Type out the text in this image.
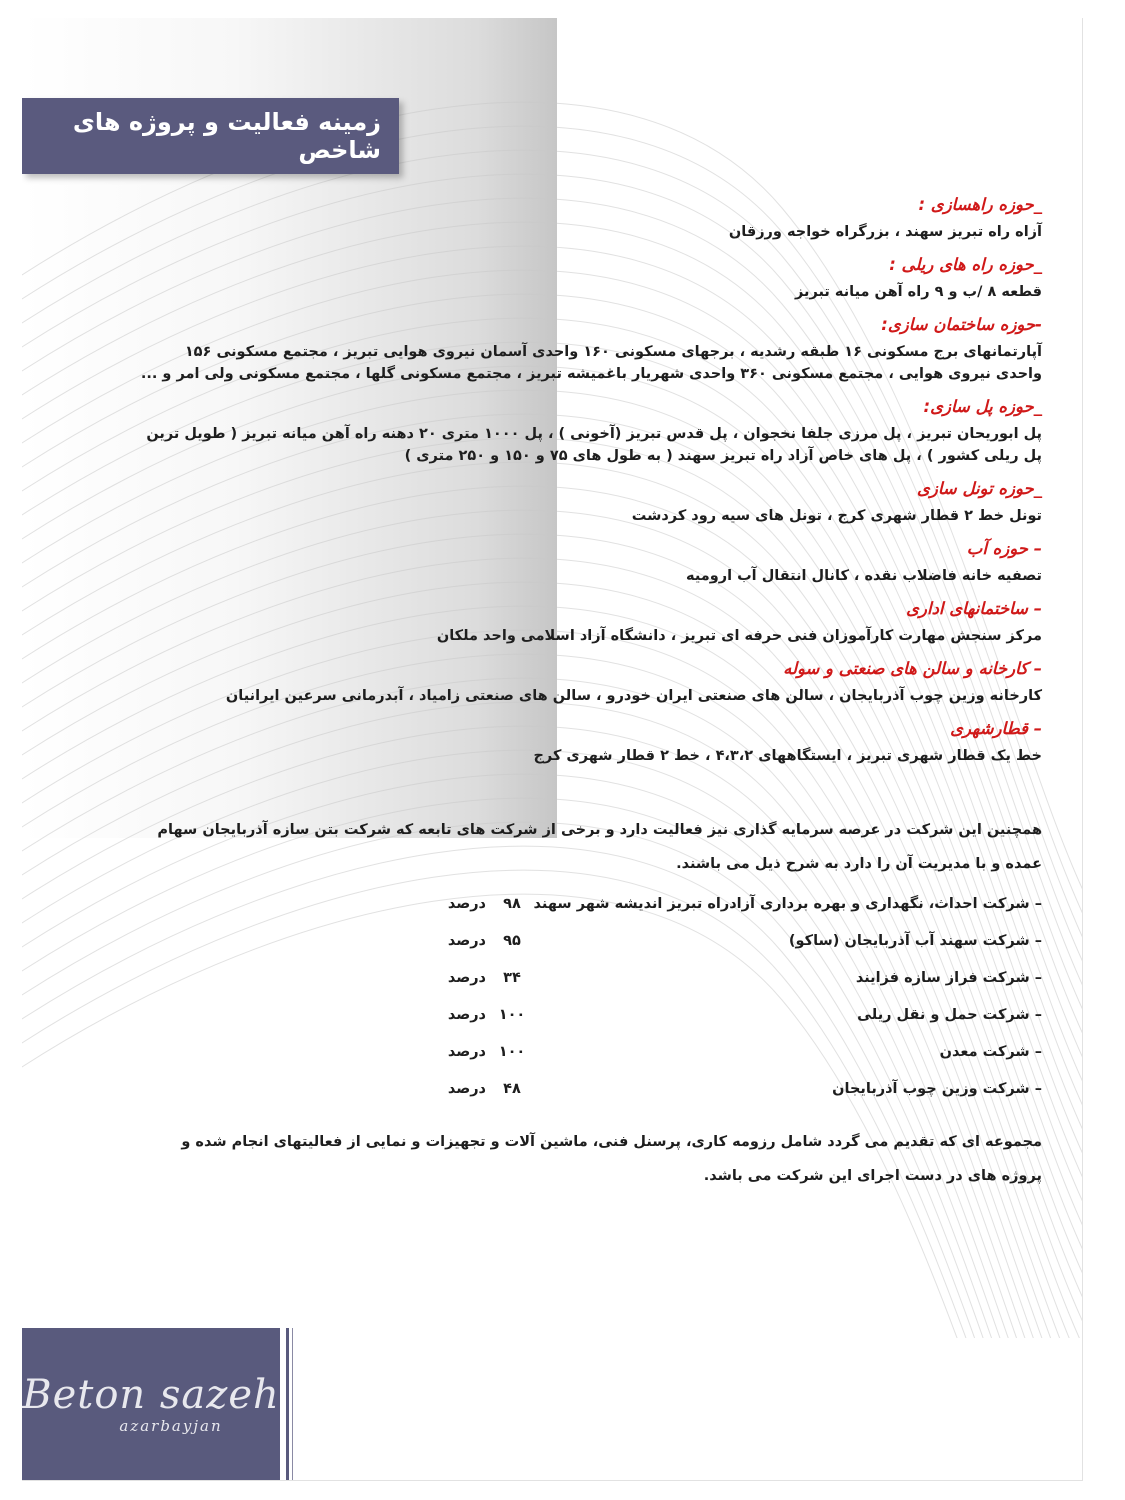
زمینه فعالیت و پروژه های شاخص
_حوزه راهسازی :
آزاه راه تبریز سهند ، بزرگراه خواجه ورزقان
_حوزه راه های ریلی :
قطعه ۸ /ب و ۹ راه آهن میانه تبریز
-حوزه ساختمان سازی:
آپارتمانهای برج مسکونی ۱۶ طبقه رشدیه ، برجهای مسکونی ۱۶۰ واحدی آسمان نیروی هوایی تبریز ، مجتمع مسکونی ۱۵۶ واحدی نیروی هوایی ، مجتمع مسکونی ۳۶۰ واحدی شهریار باغمیشه تبریز ، مجتمع مسکونی گلها ، مجتمع مسکونی ولی امر و ...
_حوزه پل سازی:
پل ابوریحان تبریز ، پل مرزی جلفا نخجوان ، پل قدس تبریز (آخونی ) ، پل ۱۰۰۰ متری ۲۰ دهنه راه آهن میانه تبریز ( طویل ترین پل ریلی کشور ) ، پل های خاص آزاد راه تبریز سهند ( به طول های ۷۵ و ۱۵۰ و ۲۵۰ متری )
_حوزه تونل سازی
تونل خط ۲ قطار شهری کرج ، تونل های سیه رود کردشت
– حوزه آب
تصفیه خانه فاضلاب نقده ، کانال انتقال آب ارومیه
– ساختمانهای اداری
مرکز سنجش مهارت کارآموزان فنی حرفه ای تبریز ، دانشگاه آزاد اسلامی واحد ملکان
– کارخانه و سالن های صنعتی و سوله
کارخانه وزین چوب آذربایجان ، سالن های صنعتی ایران خودرو ، سالن های صنعتی زامیاد ، آبدرمانی سرعین ایرانیان
– قطارشهری
خط یک قطار شهری تبریز ، ایستگاههای ۴،۳،۲ ، خط ۲ قطار شهری کرج
همچنین این شرکت در عرصه سرمایه گذاری نیز فعالیت دارد و برخی از شرکت های تابعه که شرکت بتن سازه آذربایجان سهام عمده و با مدیریت آن را دارد به شرح ذیل می باشند.
– شرکت احداث، نگهداری و بهره برداری آزادراه تبریز اندیشه شهر سهند
۹۸
درصد
– شرکت سهند آب آذربایجان (ساکو)
۹۵
درصد
– شرکت فراز سازه فزایند
۳۴
درصد
– شرکت حمل و نقل ریلی
۱۰۰
درصد
– شرکت معدن
۱۰۰
درصد
– شرکت وزین چوب آذربایجان
۴۸
درصد
مجموعه ای که تقدیم می گردد شامل رزومه کاری، پرسنل فنی، ماشین آلات و تجهیزات و نمایی از فعالیتهای انجام شده و پروژه های در دست اجرای این شرکت می باشد.
Beton sazeh
azarbayjan
